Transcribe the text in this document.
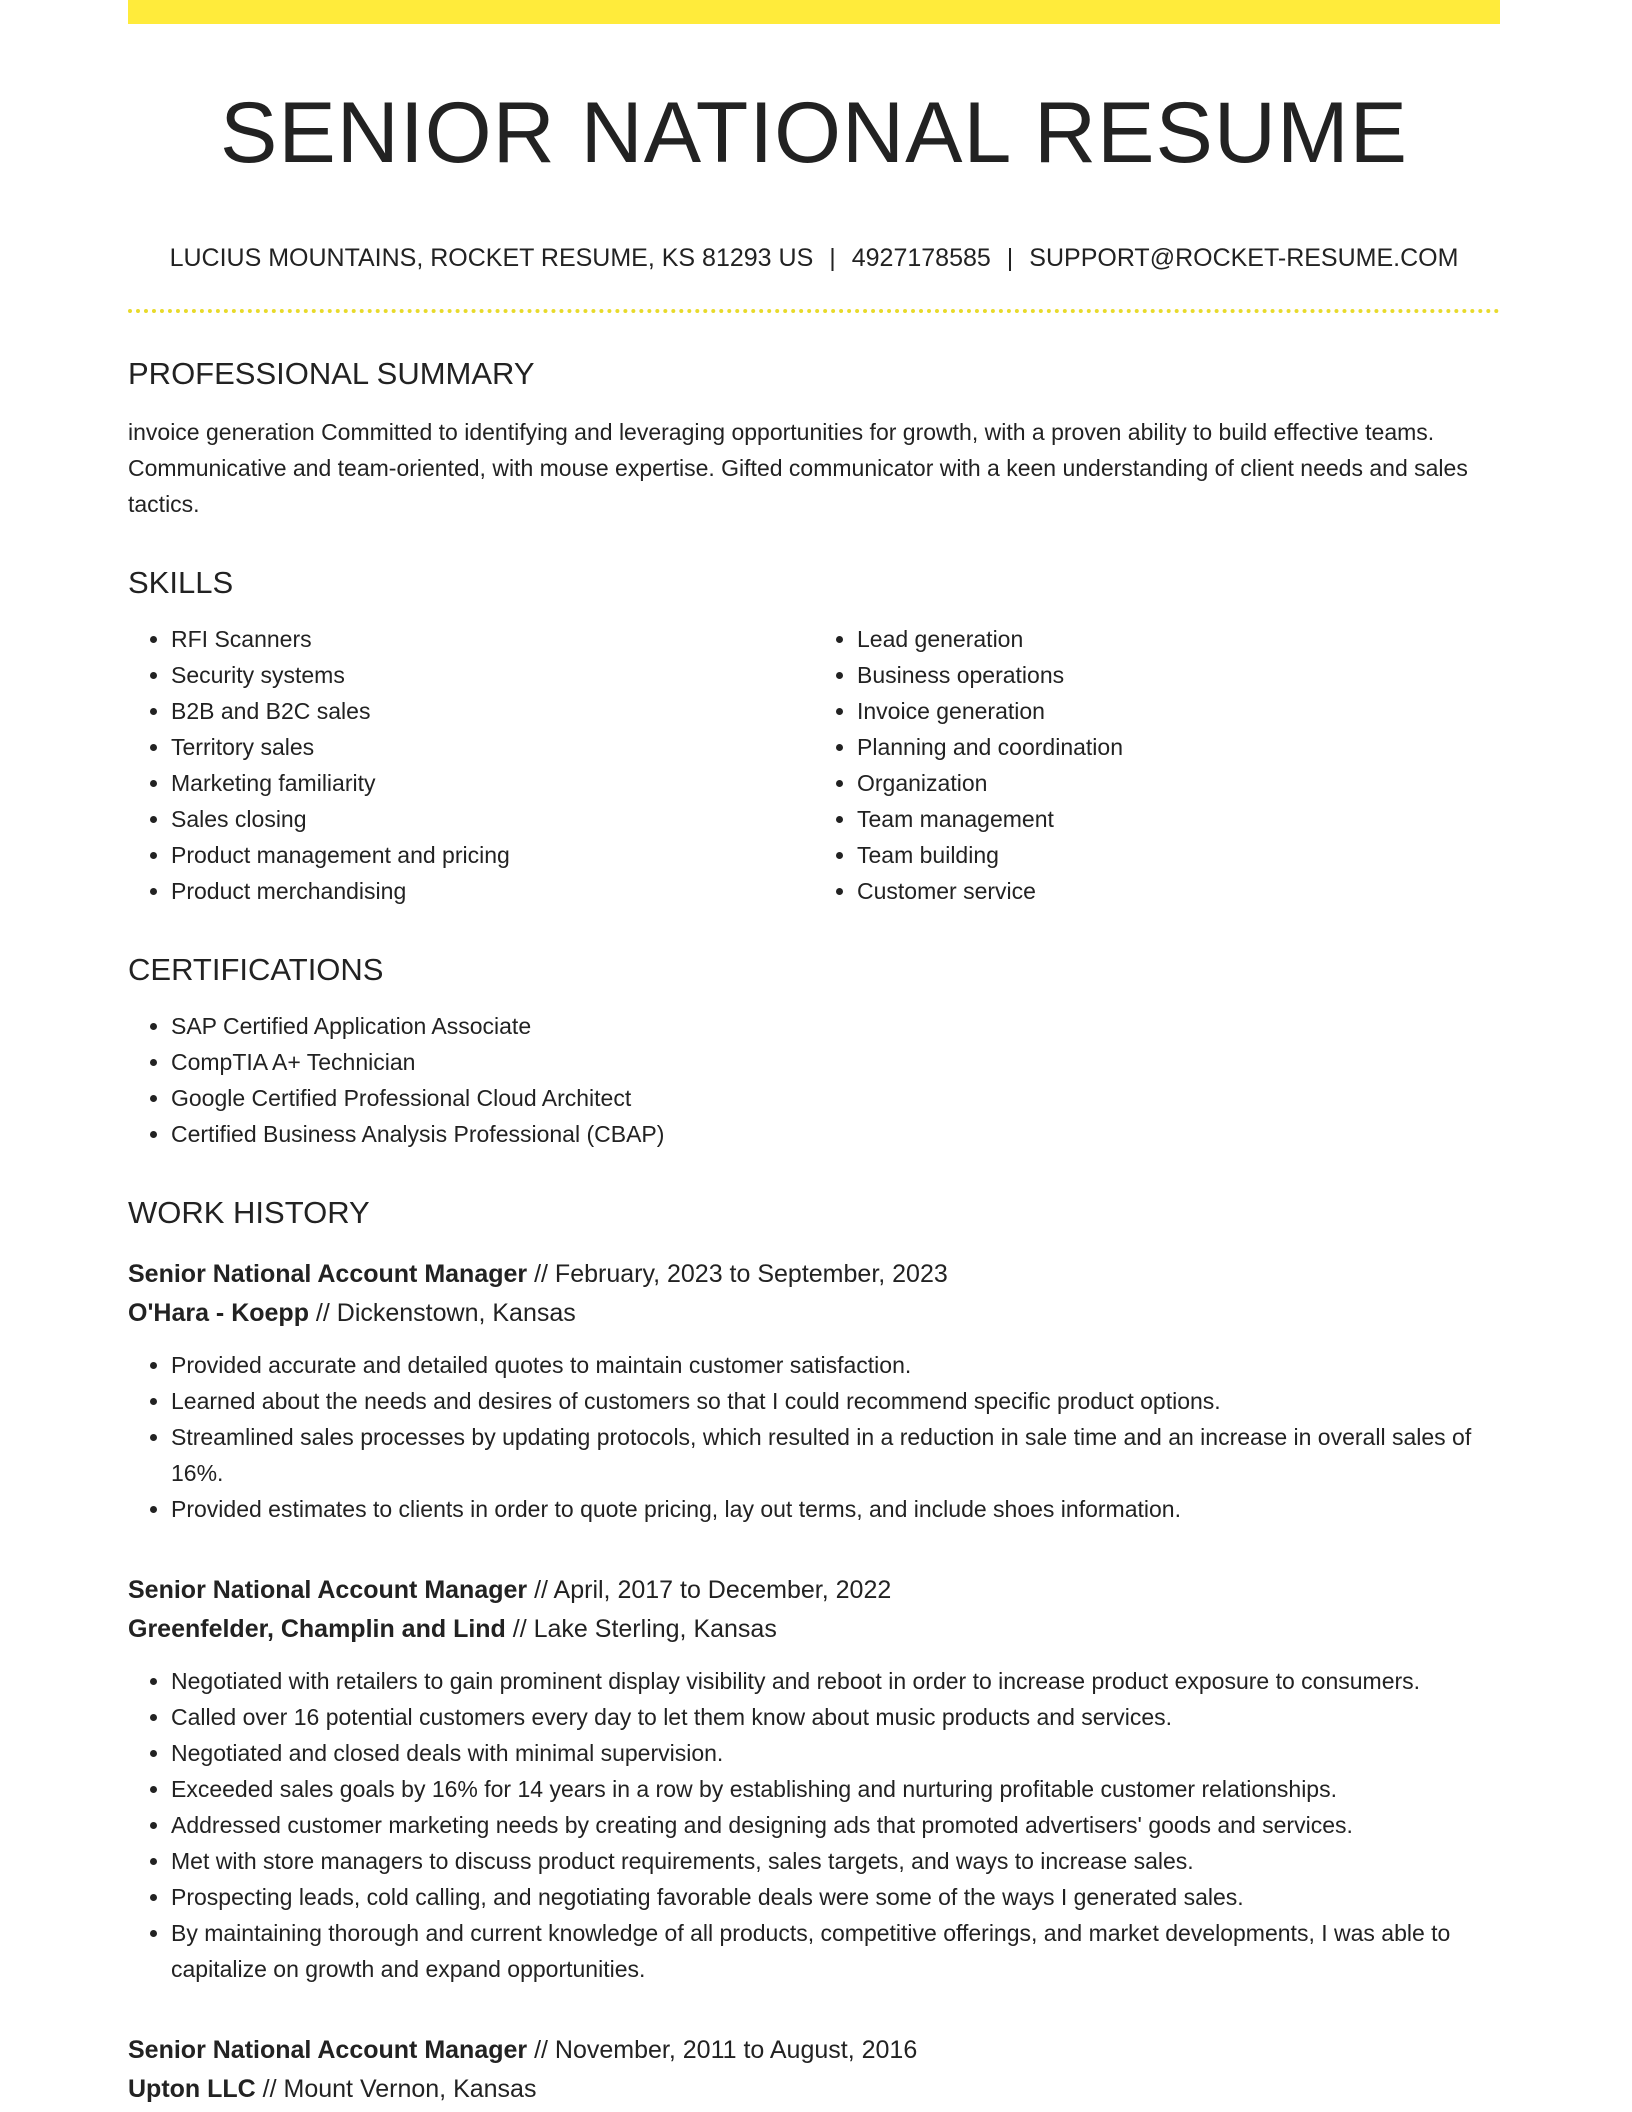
SENIOR NATIONAL RESUME
LUCIUS MOUNTAINS, ROCKET RESUME, KS 81293 US | 4927178585 | SUPPORT@ROCKET-RESUME.COM
PROFESSIONAL SUMMARY

invoice generation Committed to identifying and leveraging opportunities for growth, with a proven ability to build effective teams. Communicative and team-oriented, with mouse expertise. Gifted communicator with a keen understanding of client needs and sales tactics.

SKILLS
• RFI Scanners
• Security systems
• B2B and B2C sales
• Territory sales
• Marketing familiarity
• Sales closing
• Product management and pricing
• Product merchandising
• Lead generation
• Business operations
• Invoice generation
• Planning and coordination
• Organization
• Team management
• Team building
• Customer service
CERTIFICATIONS
• SAP Certified Application Associate
• CompTIA A+ Technician
• Google Certified Professional Cloud Architect
• Certified Business Analysis Professional (CBAP)
WORK HISTORY
Senior National Account Manager // February, 2023 to September, 2023
O'Hara - Koepp // Dickenstown, Kansas
• Provided accurate and detailed quotes to maintain customer satisfaction.
• Learned about the needs and desires of customers so that I could recommend specific product options.
• Streamlined sales processes by updating protocols, which resulted in a reduction in sale time and an increase in overall sales of 16%.
• Provided estimates to clients in order to quote pricing, lay out terms, and include shoes information.
Senior National Account Manager // April, 2017 to December, 2022
Greenfelder, Champlin and Lind // Lake Sterling, Kansas
• Negotiated with retailers to gain prominent display visibility and reboot in order to increase product exposure to consumers.
• Called over 16 potential customers every day to let them know about music products and services.
• Negotiated and closed deals with minimal supervision.
• Exceeded sales goals by 16% for 14 years in a row by establishing and nurturing profitable customer relationships.
• Addressed customer marketing needs by creating and designing ads that promoted advertisers' goods and services.
• Met with store managers to discuss product requirements, sales targets, and ways to increase sales.
• Prospecting leads, cold calling, and negotiating favorable deals were some of the ways I generated sales.
• By maintaining thorough and current knowledge of all products, competitive offerings, and market developments, I was able to capitalize on growth and expand opportunities.
Senior National Account Manager // November, 2011 to August, 2016
Upton LLC // Mount Vernon, Kansas
